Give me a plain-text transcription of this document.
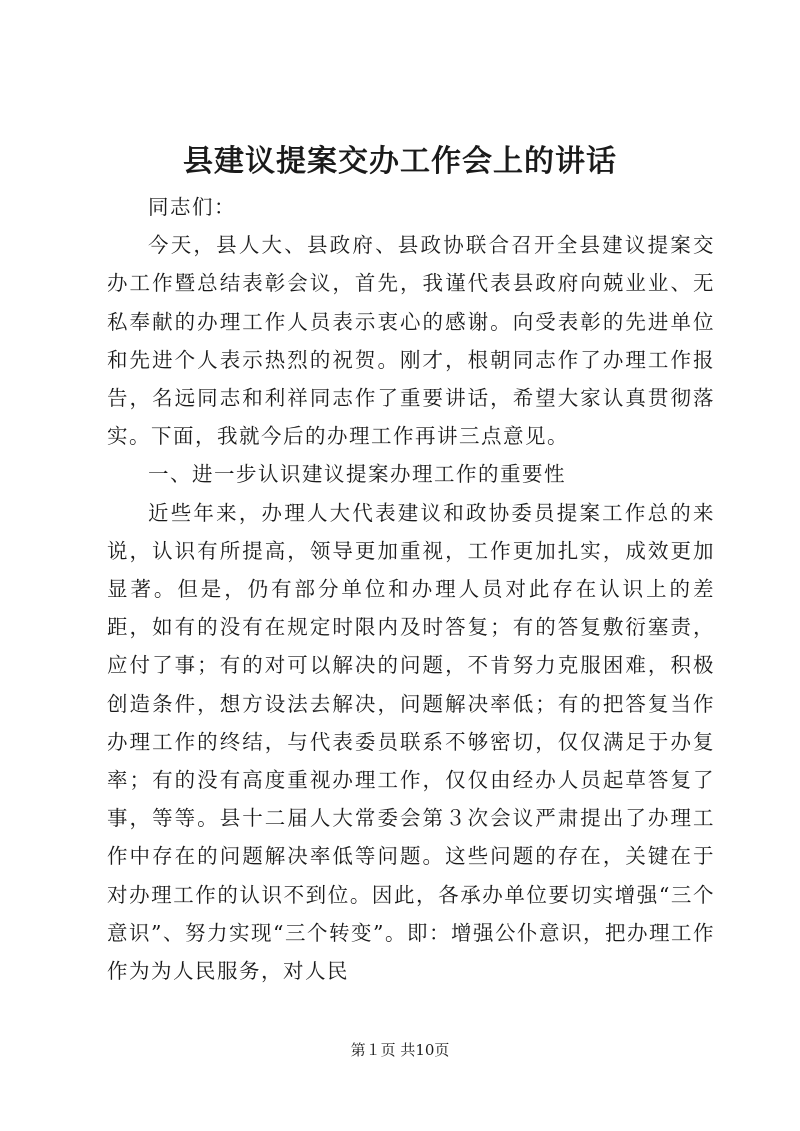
县建议提案交办工作会上的讲话

同志们：

今天，县人大、县政府、县政协联合召开全县建议提案交办工作暨总结表彰会议，首先，我谨代表县政府向兢业业、无私奉献的办理工作人员表示衷心的感谢。向受表彰的先进单位和先进个人表示热烈的祝贺。刚才，根朝同志作了办理工作报告，名远同志和利祥同志作了重要讲话，希望大家认真贯彻落实。下面，我就今后的办理工作再讲三点意见。

一、进一步认识建议提案办理工作的重要性

近些年来，办理人大代表建议和政协委员提案工作总的来说，认识有所提高，领导更加重视，工作更加扎实，成效更加显著。但是，仍有部分单位和办理人员对此存在认识上的差距，如有的没有在规定时限内及时答复；有的答复敷衍塞责，应付了事；有的对可以解决的问题，不肯努力克服困难，积极创造条件，想方设法去解决，问题解决率低；有的把答复当作办理工作的终结，与代表委员联系不够密切，仅仅满足于办复率；有的没有高度重视办理工作，仅仅由经办人员起草答复了事，等等。县十二届人大常委会第３次会议严肃提出了办理工作中存在的问题解决率低等问题。这些问题的存在，关键在于对办理工作的认识不到位。因此，各承办单位要切实增强“三个意识”、努力实现“三个转变”。即：增强公仆意识，把办理工作作为为人民服务，对人民

第１页 共10页
